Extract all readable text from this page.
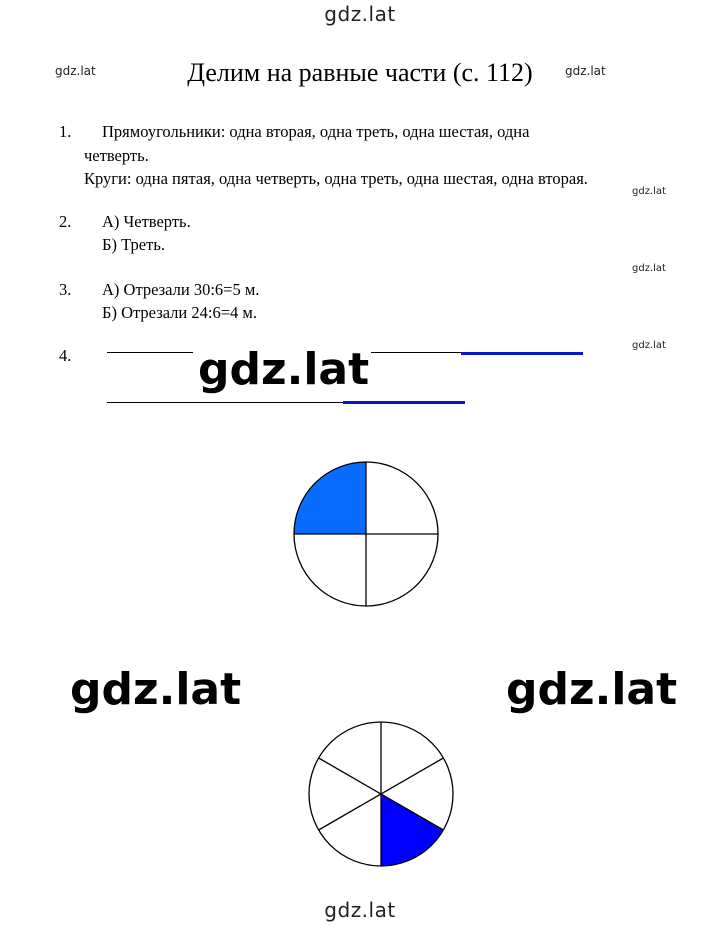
gdz.lat
gdz.lat	gdz.lat
gdz.lat
gdz.lat
gdz.lat
gdz.lat
gdz.lat	gdz.lat
gdz.lat
Делим на равные части (с. 112)
1. Прямоугольники: одна вторая, одна треть, одна шестая, одна
четверть.
Круги: одна пятая, одна четверть, одна треть, одна шестая, одна вторая.
2. А) Четверть.
Б) Треть.
3. А) Отрезали 30:6=5 м.
Б) Отрезали 24:6=4 м.
4.
